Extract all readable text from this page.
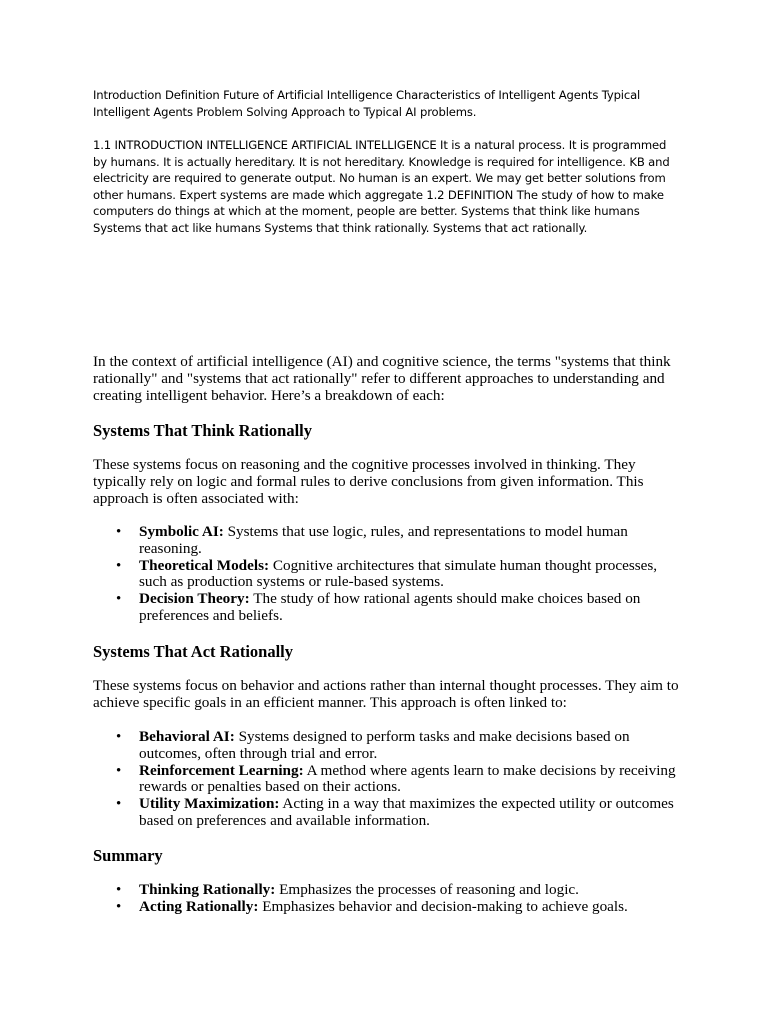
Introduction Definition Future of Artificial Intelligence Characteristics of Intelligent Agents Typical Intelligent Agents Problem Solving Approach to Typical AI problems.

1.1 INTRODUCTION INTELLIGENCE ARTIFICIAL INTELLIGENCE It is a natural process. It is programmed by humans. It is actually hereditary. It is not hereditary. Knowledge is required for intelligence. KB and electricity are required to generate output. No human is an expert. We may get better solutions from other humans. Expert systems are made which aggregate 1.2 DEFINITION The study of how to make computers do things at which at the moment, people are better. Systems that think like humans Systems that act like humans Systems that think rationally. Systems that act rationally.

In the context of artificial intelligence (AI) and cognitive science, the terms "systems that think rationally" and "systems that act rationally" refer to different approaches to understanding and creating intelligent behavior. Here’s a breakdown of each:

Systems That Think Rationally

These systems focus on reasoning and the cognitive processes involved in thinking. They typically rely on logic and formal rules to derive conclusions from given information. This approach is often associated with:

• Symbolic AI: Systems that use logic, rules, and representations to model human reasoning.
• Theoretical Models: Cognitive architectures that simulate human thought processes, such as production systems or rule-based systems.
• Decision Theory: The study of how rational agents should make choices based on preferences and beliefs.
Systems That Act Rationally

These systems focus on behavior and actions rather than internal thought processes. They aim to achieve specific goals in an efficient manner. This approach is often linked to:

• Behavioral AI: Systems designed to perform tasks and make decisions based on outcomes, often through trial and error.
• Reinforcement Learning: A method where agents learn to make decisions by receiving rewards or penalties based on their actions.
• Utility Maximization: Acting in a way that maximizes the expected utility or outcomes based on preferences and available information.
Summary
• Thinking Rationally: Emphasizes the processes of reasoning and logic.
• Acting Rationally: Emphasizes behavior and decision-making to achieve goals.
